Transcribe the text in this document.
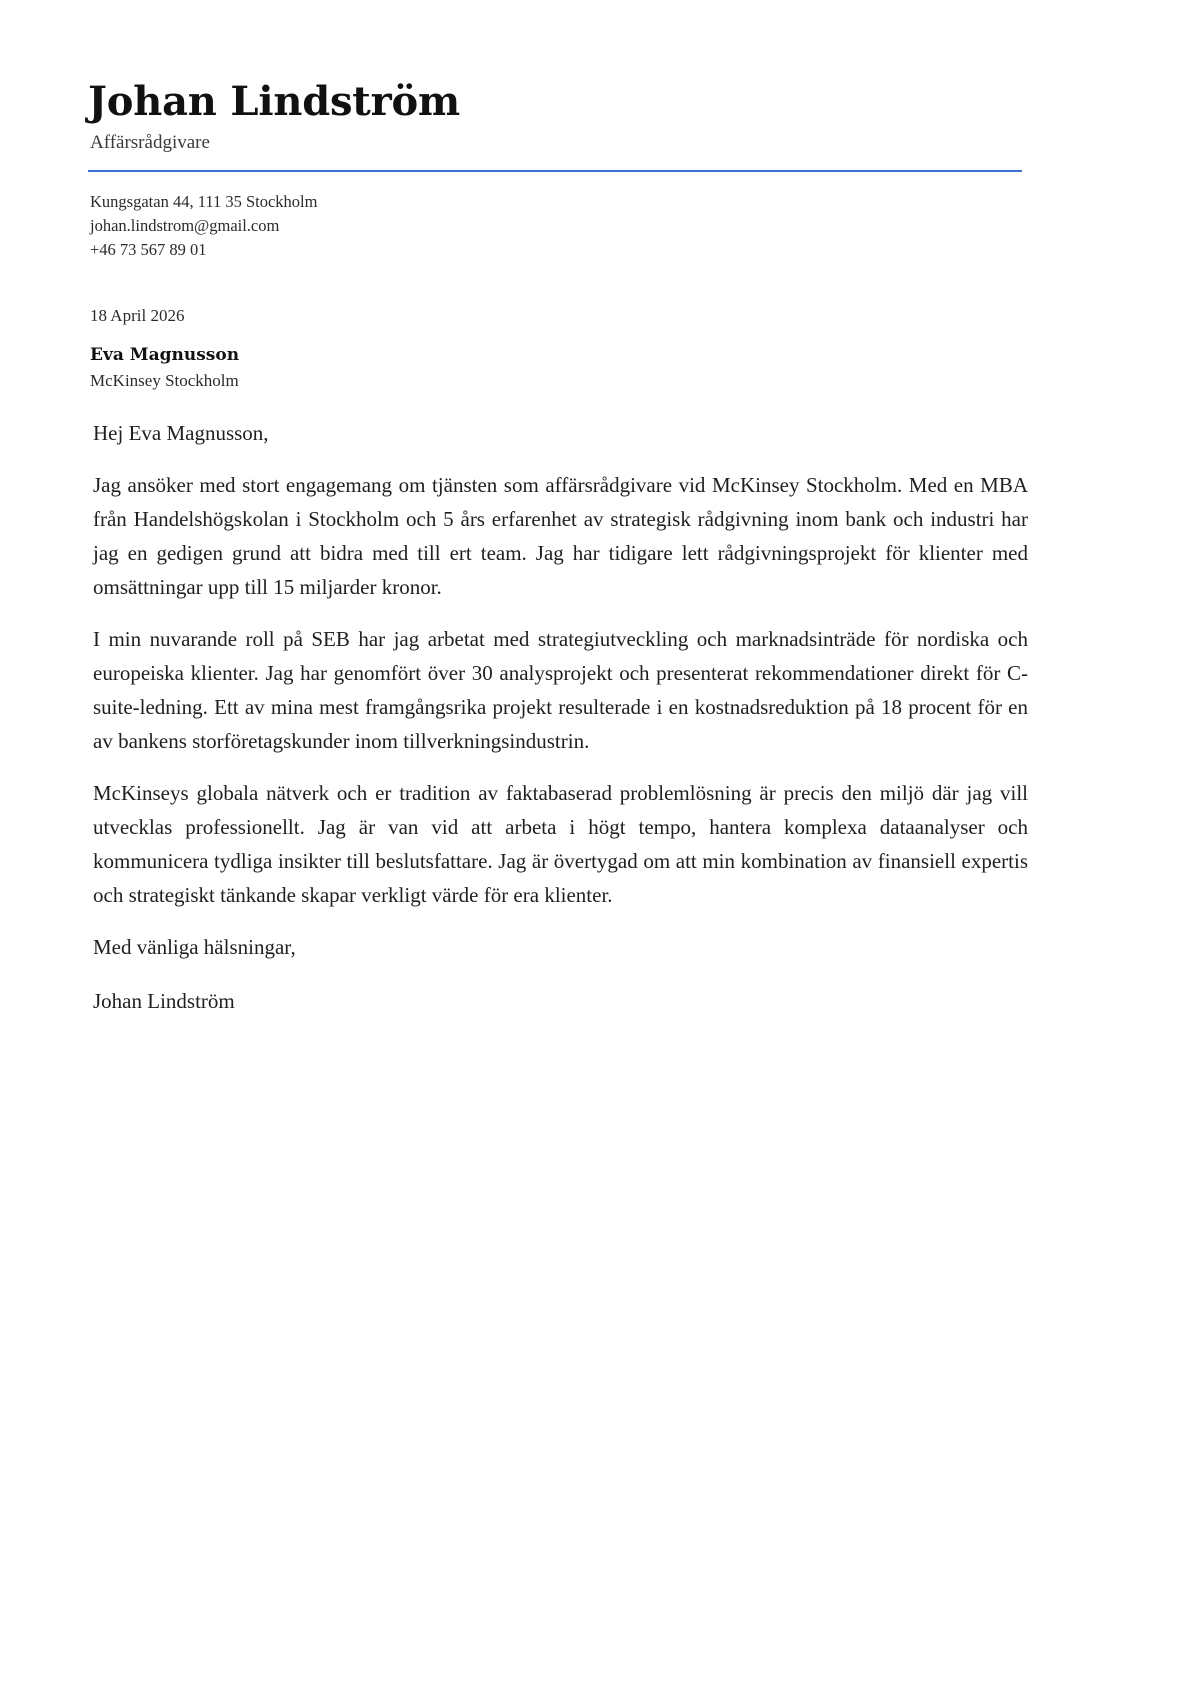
Johan Lindström
Affärsrådgivare
Kungsgatan 44, 111 35 Stockholm
johan.lindstrom@gmail.com
+46 73 567 89 01
18 April 2026
Eva Magnusson
McKinsey Stockholm

Hej Eva Magnusson,

Jag ansöker med stort engagemang om tjänsten som affärsrådgivare vid McKinsey Stockholm. Med en MBA från Handelshögskolan i Stockholm och 5 års erfarenhet av strategisk rådgivning inom bank och industri har jag en gedigen grund att bidra med till ert team. Jag har tidigare lett rådgivningsprojekt för klienter med omsättningar upp till 15 miljarder kronor.

I min nuvarande roll på SEB har jag arbetat med strategiutveckling och marknadsinträde för nordiska och europeiska klienter. Jag har genomfört över 30 analysprojekt och presenterat rekommendationer direkt för C-suite-ledning. Ett av mina mest framgångsrika projekt resulterade i en kostnadsreduktion på 18 procent för en av bankens storföretagskunder inom tillverkningsindustrin.

McKinseys globala nätverk och er tradition av faktabaserad problemlösning är precis den miljö där jag vill utvecklas professionellt. Jag är van vid att arbeta i högt tempo, hantera komplexa dataanalyser och kommunicera tydliga insikter till beslutsfattare. Jag är övertygad om att min kombination av finansiell expertis och strategiskt tänkande skapar verkligt värde för era klienter.

Med vänliga hälsningar,

Johan Lindström
